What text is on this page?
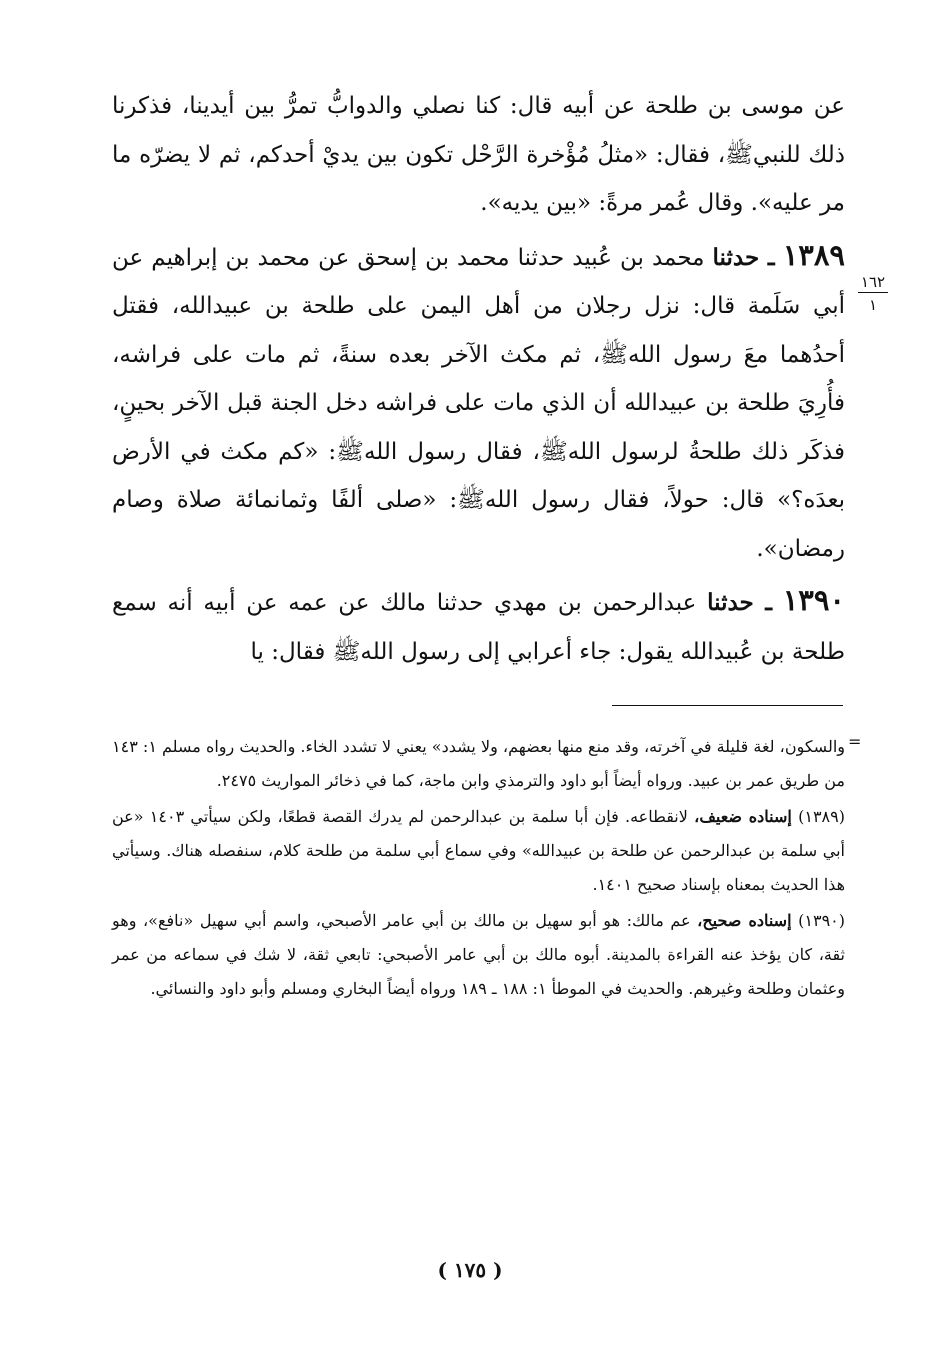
عن موسى بن طلحة عن أبيه قال: كنا نصلي والدوابُّ تمرُّ بين أيدينا، فذكرنا ذلك للنبيﷺ، فقال: «مثلُ مُؤْخرة الرَّحْل تكون بين يديْ أحدكم، ثم لا يضرّه ما مر عليه». وقال عُمر مرةً: «بين يديه».

١٣٨٩ ـ حدثنا محمد بن عُبيد حدثنا محمد بن إسحق عن محمد بن إبراهيم عن أبي سَلَمة قال: نزل رجلان من أهل اليمن على طلحة بن عبيدالله، فقتل أحدُهما معَ رسول اللهﷺ، ثم مكث الآخر بعده سنةً، ثم مات على فراشه، فأُرِيَ طلحة بن عبيدالله أن الذي مات على فراشه دخل الجنة قبل الآخر بحينٍ، فذكَر ذلك طلحةُ لرسول اللهﷺ، فقال رسول اللهﷺ: «كم مكث في الأرض بعدَه؟» قال: حولاً، فقال رسول اللهﷺ: «صلى ألفًا وثمانمائة صلاة وصام رمضان».

١٣٩٠ ـ حدثنا عبدالرحمن بن مهدي حدثنا مالك عن عمه عن أبيه أنه سمع طلحة بن عُبيدالله يقول: جاء أعرابي إلى رسول اللهﷺ فقال: يا

١٦٢
١
=

والسكون، لغة قليلة في آخرته، وقد منع منها بعضهم، ولا يشدد» يعني لا تشدد الخاء. والحديث رواه مسلم ١: ١٤٣ من طريق عمر بن عبيد. ورواه أيضاً أبو داود والترمذي وابن ماجة، كما في ذخائر المواريث ٢٤٧٥.

(١٣٨٩) إسناده ضعيف، لانقطاعه. فإن أبا سلمة بن عبدالرحمن لم يدرك القصة قطعًا، ولكن سيأتي ١٤٠٣ «عن أبي سلمة بن عبدالرحمن عن طلحة بن عبيدالله» وفي سماع أبي سلمة من طلحة كلام، سنفصله هناك. وسيأتي هذا الحديث بمعناه بإسناد صحيح ١٤٠١.

(١٣٩٠) إسناده صحيح، عم مالك: هو أبو سهيل بن مالك بن أبي عامر الأصبحي، واسم أبي سهيل «نافع»، وهو ثقة، كان يؤخذ عنه القراءة بالمدينة. أبوه مالك بن أبي عامر الأصبحي: تابعي ثقة، لا شك في سماعه من عمر وعثمان وطلحة وغيرهم. والحديث في الموطأ ١: ١٨٨ ـ ١٨٩ ورواه أيضاً البخاري ومسلم وأبو داود والنسائي.

( ١٧٥ )
